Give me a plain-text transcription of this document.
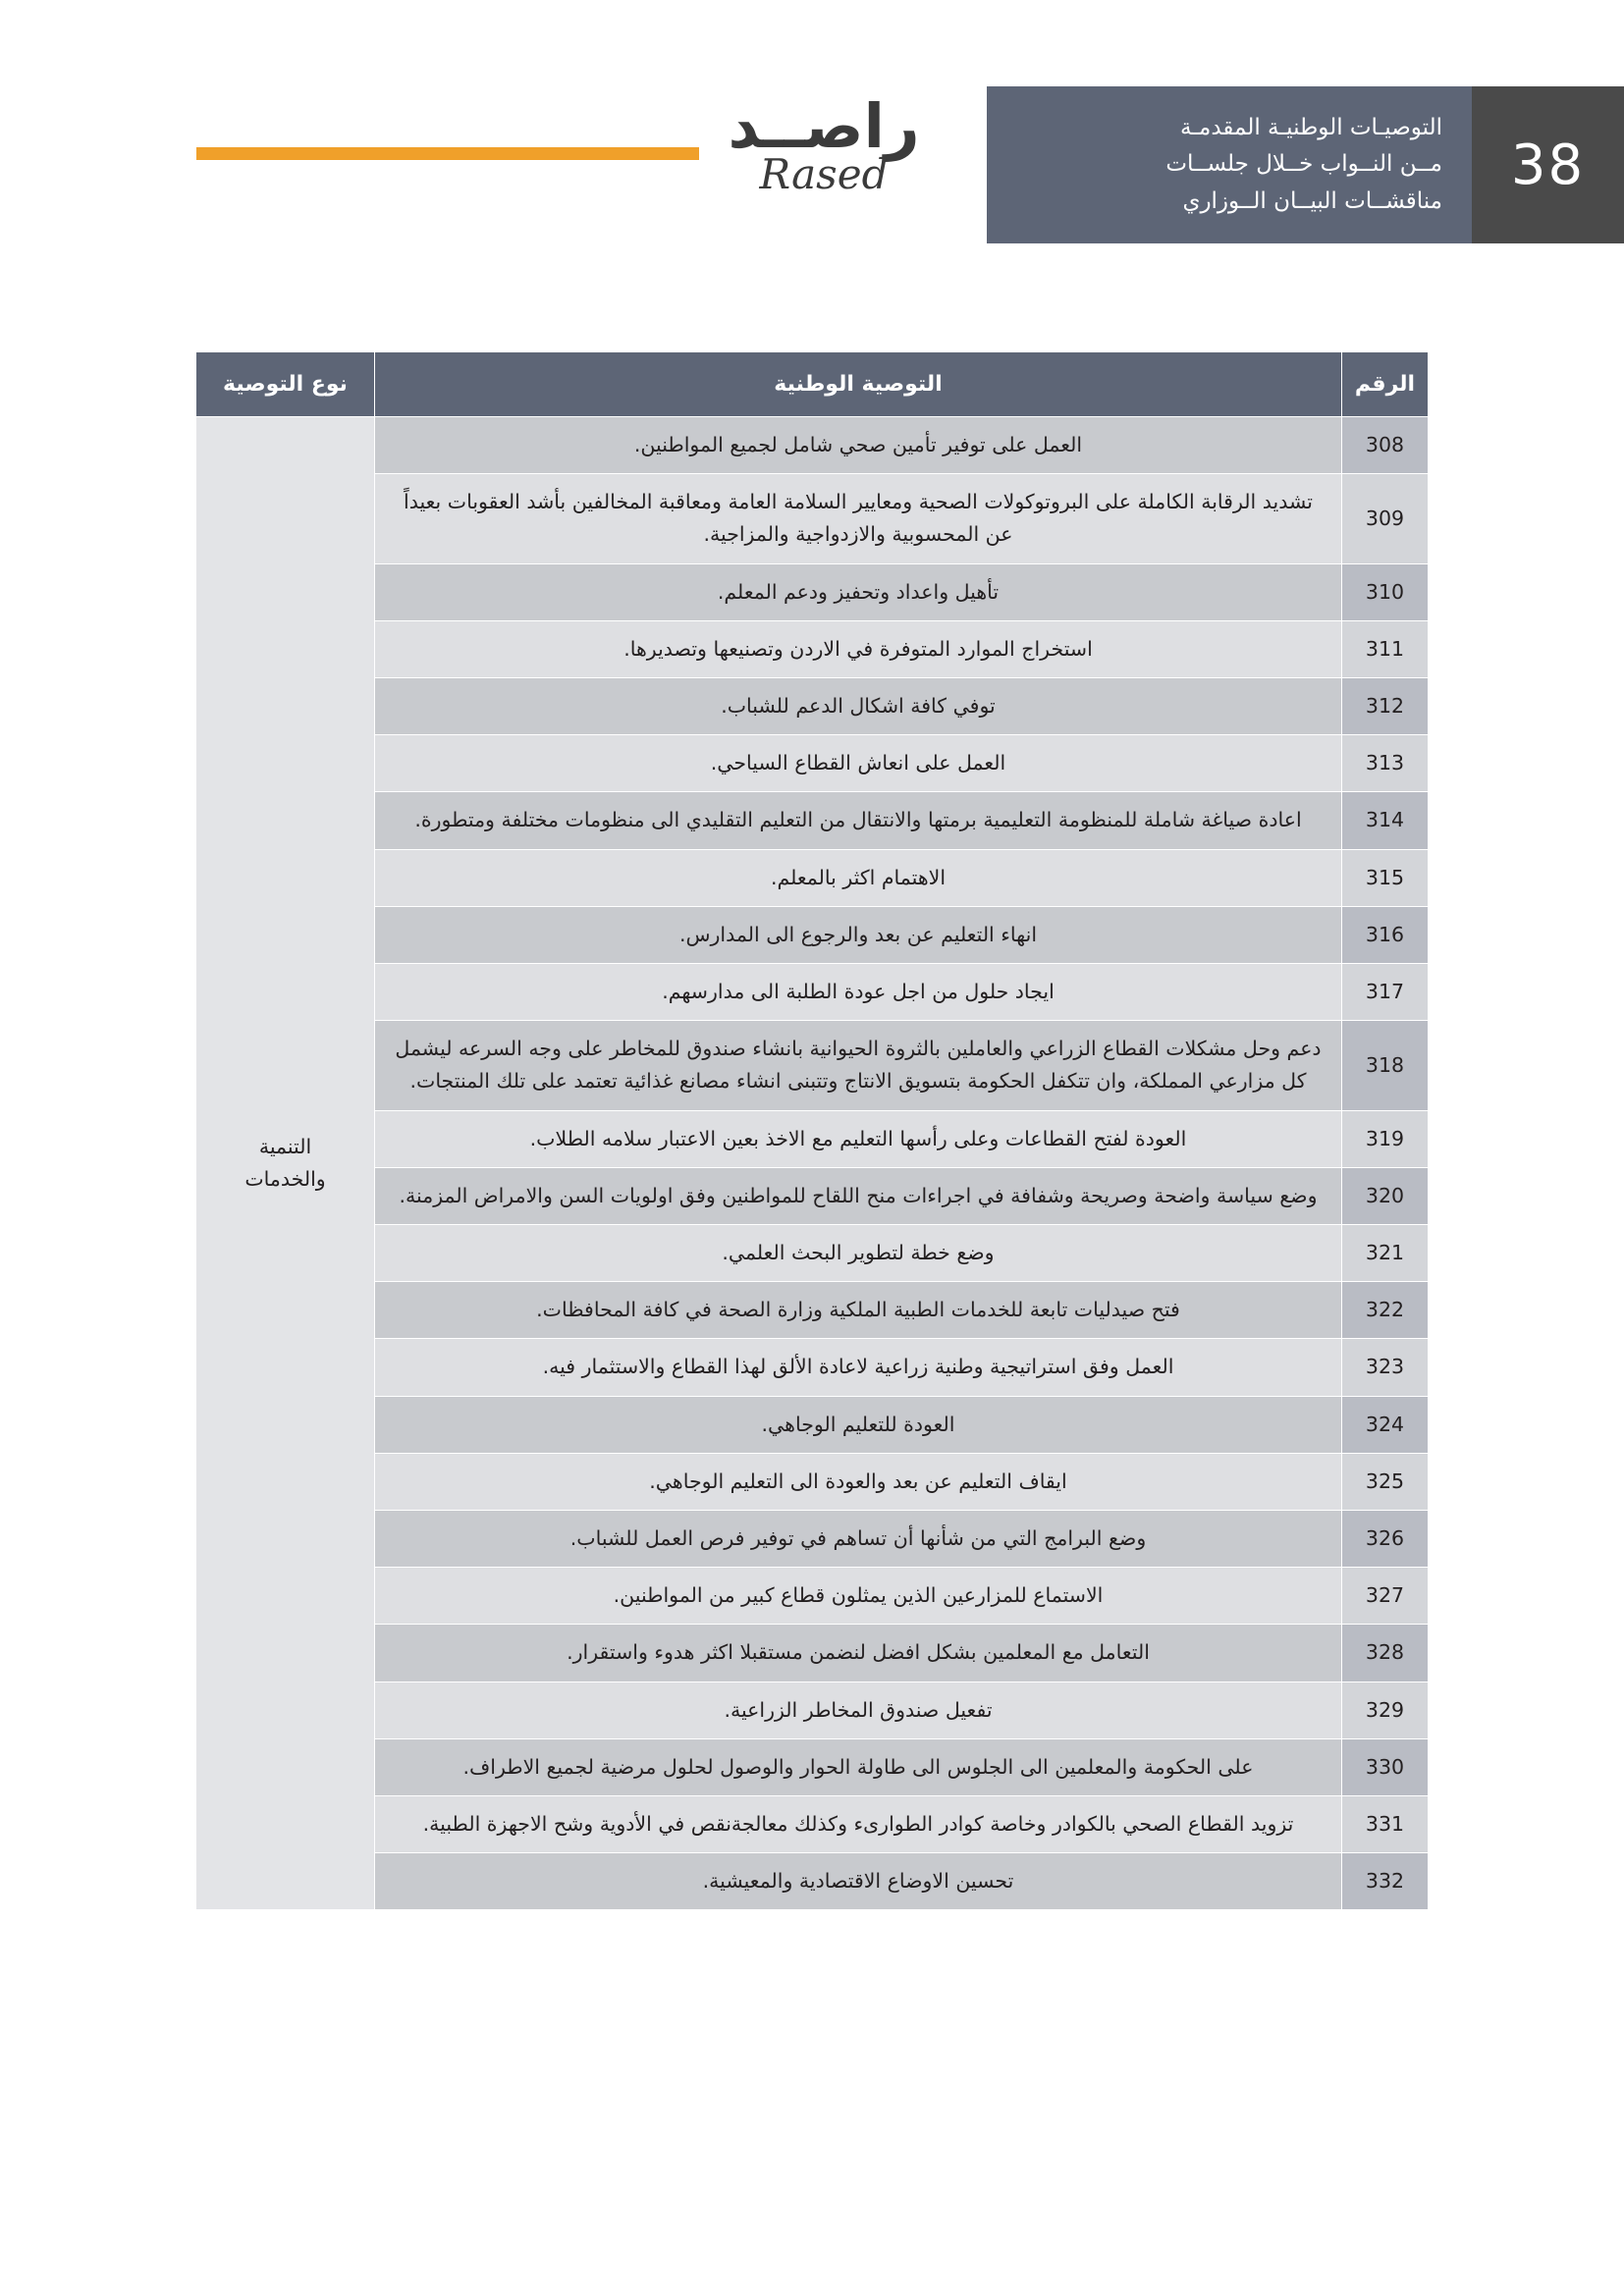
راصــد
Rased	38
التوصيـات الوطنيـة المقدمـة
مــن النــواب خــلال جلســات
مناقشــات البيــان الــوزاري
الرقم	التوصية الوطنية	نوع التوصية
308	العمل على توفير تأمين صحي شامل لجميع المواطنين.	التنمية
والخدمات

309	تشديد الرقابة الكاملة على البروتوكولات الصحية ومعايير السلامة العامة ومعاقبة المخالفين بأشد العقوبات بعيداً عن المحسوبية والازدواجية والمزاجية.	
310	تأهيل واعداد وتحفيز ودعم المعلم.	
311	استخراج الموارد المتوفرة في الاردن وتصنيعها وتصديرها.	
312	توفي كافة اشكال الدعم للشباب.	
313	العمل على انعاش القطاع السياحي.	
314	اعادة صياغة شاملة للمنظومة التعليمية برمتها والانتقال من التعليم التقليدي الى منظومات مختلفة ومتطورة.	
315	الاهتمام اكثر بالمعلم.	
316	انهاء التعليم عن بعد والرجوع الى المدارس.	
317	ايجاد حلول من اجل عودة الطلبة الى مدارسهم.	
318	دعم وحل مشكلات القطاع الزراعي والعاملين بالثروة الحيوانية بانشاء صندوق للمخاطر على وجه السرعه ليشمل كل مزارعي المملكة، وان تتكفل الحكومة بتسويق الانتاج وتتبنى انشاء مصانع غذائية تعتمد على تلك المنتجات.	
319	العودة لفتح القطاعات وعلى رأسها التعليم مع الاخذ بعين الاعتبار سلامه الطلاب.	
320	وضع سياسة واضحة وصريحة وشفافة في اجراءات منح اللقاح للمواطنين وفق اولويات السن والامراض المزمنة.	
321	وضع خطة لتطوير البحث العلمي.	
322	فتح صيدليات تابعة للخدمات الطبية الملكية وزارة الصحة في كافة المحافظات.	
323	العمل وفق استراتيجية وطنية زراعية لاعادة الألق لهذا القطاع والاستثمار فيه.	
324	العودة للتعليم الوجاهي.	
325	ايقاف التعليم عن بعد والعودة الى التعليم الوجاهي.	
326	وضع البرامج التي من شأنها أن تساهم في توفير فرص العمل للشباب.	
327	الاستماع للمزارعين الذين يمثلون قطاع كبير من المواطنين.	
328	التعامل مع المعلمين بشكل افضل لنضمن مستقبلا اكثر هدوء واستقرار.	
329	تفعيل صندوق المخاطر الزراعية.	
330	على الحكومة والمعلمين الى الجلوس الى طاولة الحوار والوصول لحلول مرضية لجميع الاطراف.	
331	تزويد القطاع الصحي بالكوادر وخاصة كوادر الطوارىء وكذلك معالجةنقص في الأدوية وشح الاجهزة الطبية.	
332	تحسين الاوضاع الاقتصادية والمعيشية.	
